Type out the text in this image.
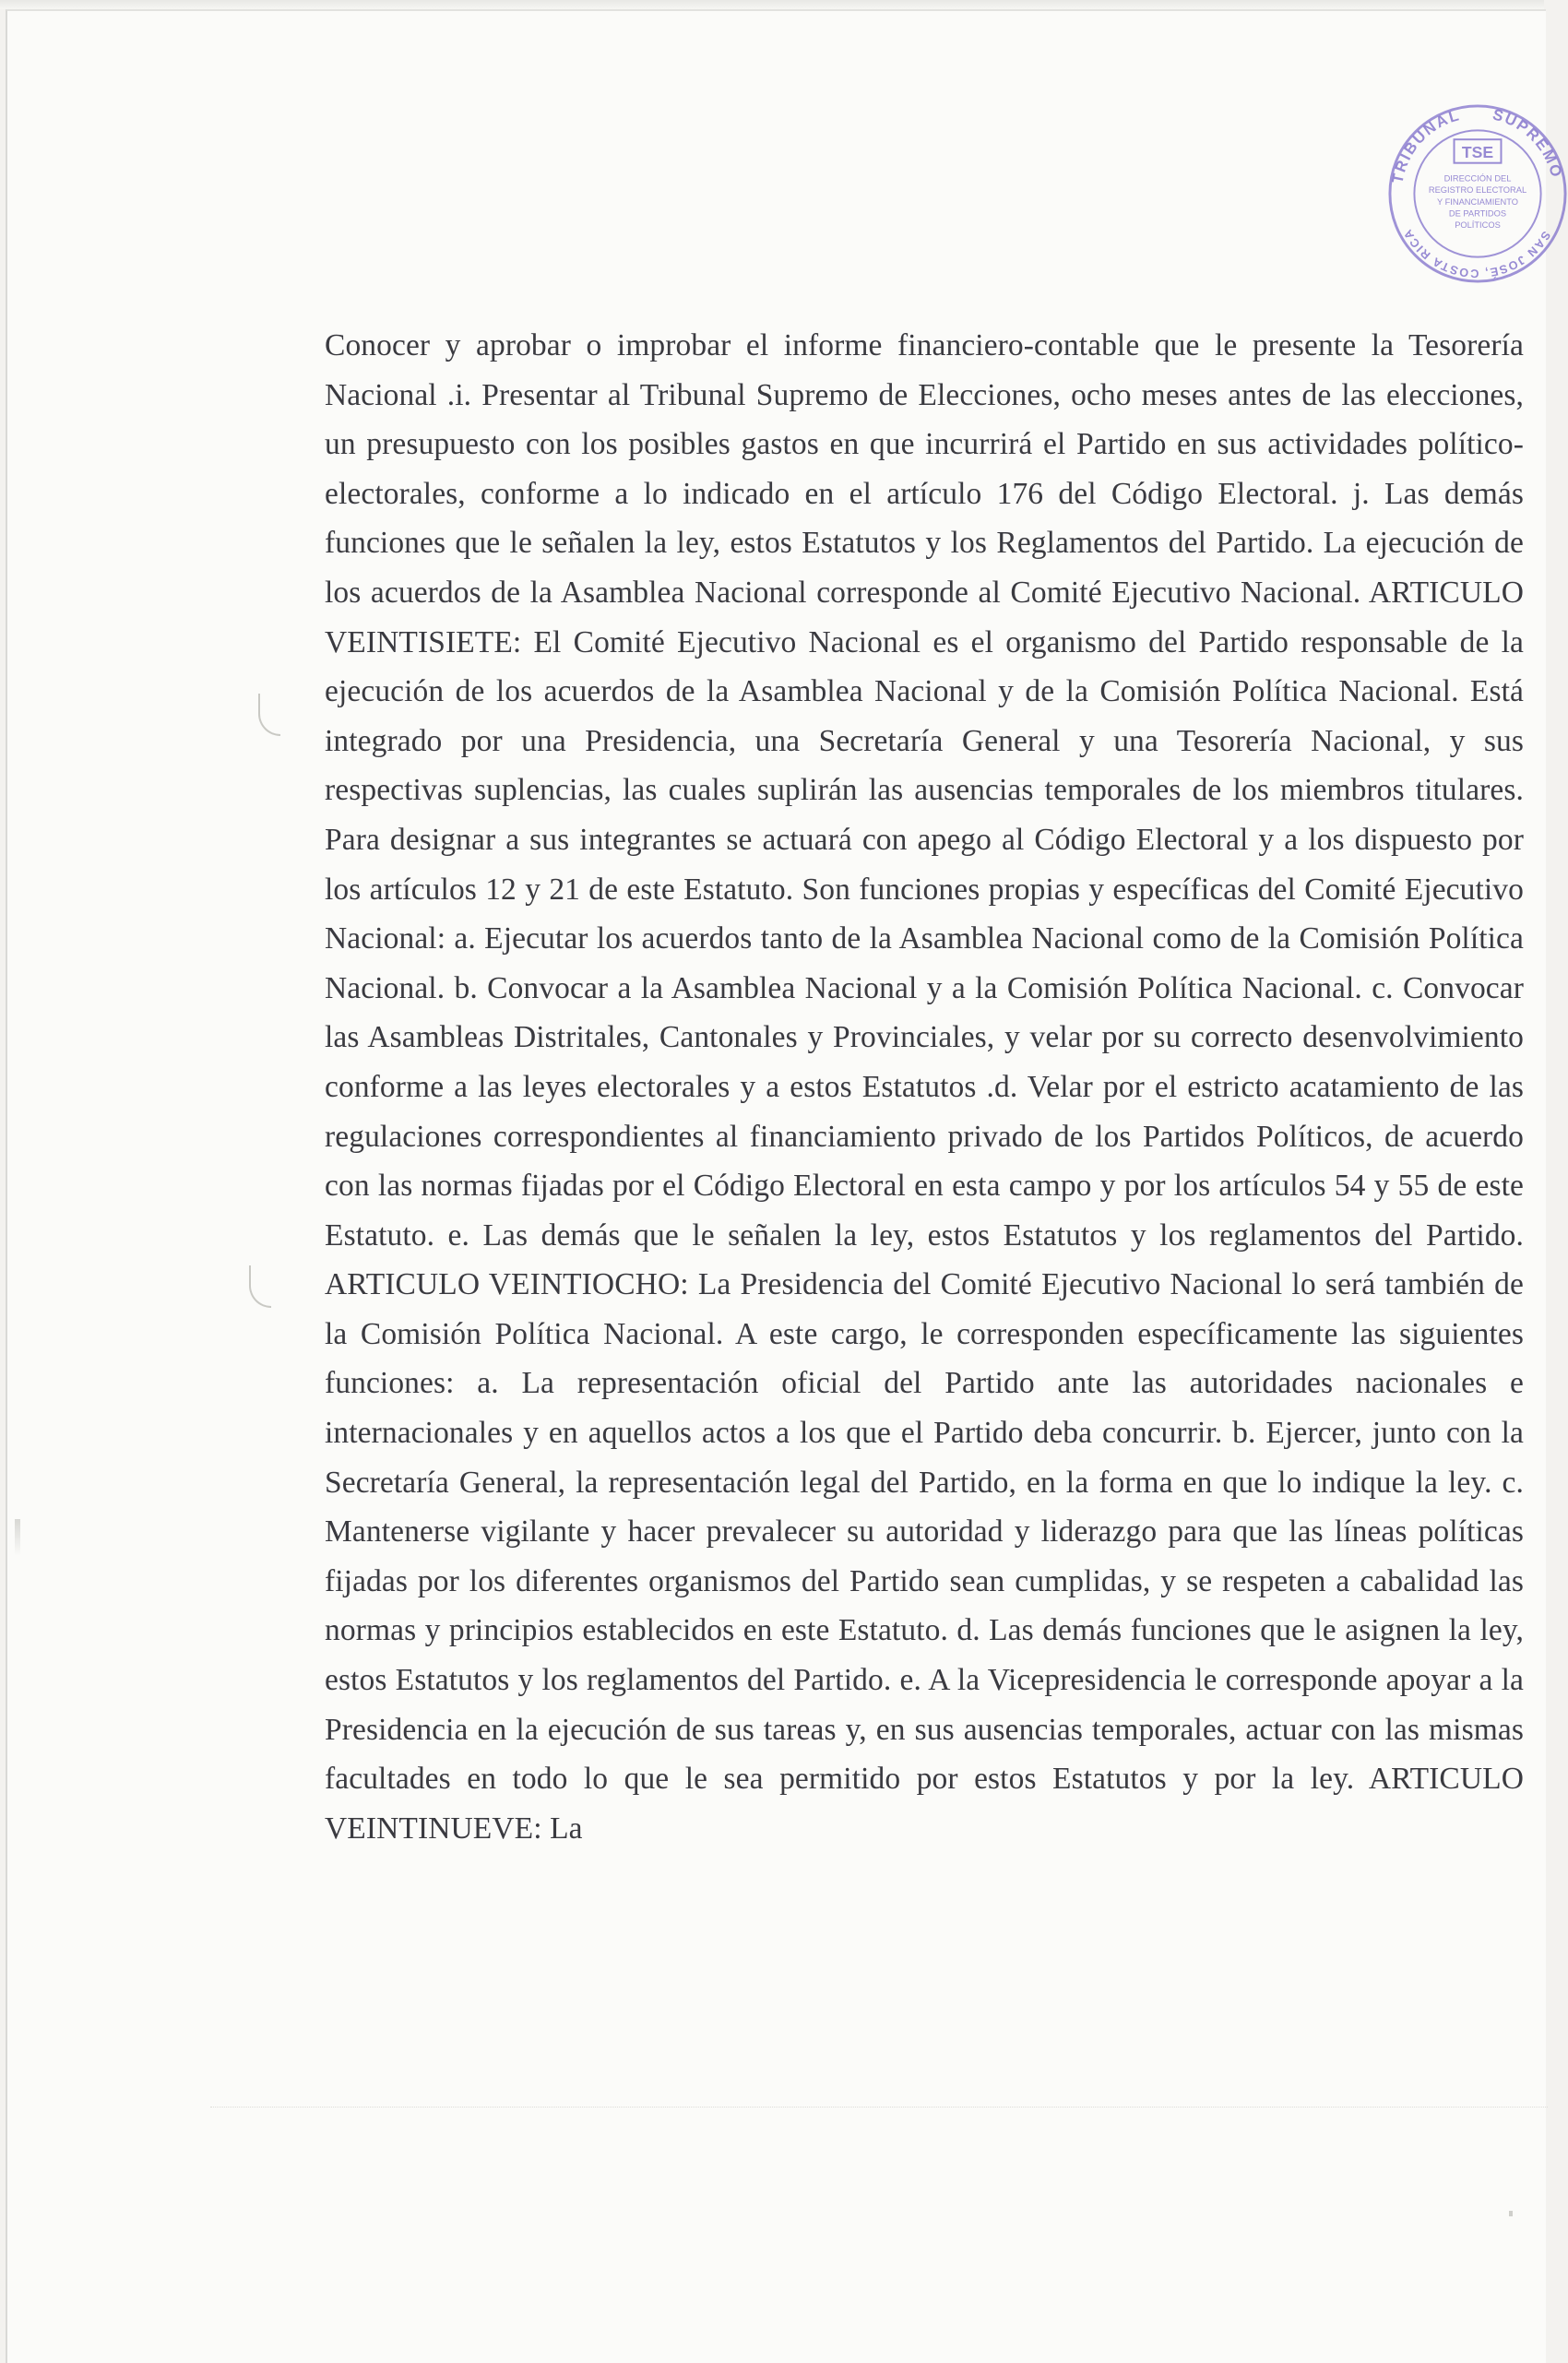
TRIBUNAL SUPREMO
SAN JOSÉ, COSTA RICA
TSE
DIRECCIÓN DEL
REGISTRO ELECTORAL
Y FINANCIAMIENTO
DE PARTIDOS
POLÍTICOS

Conocer y aprobar o improbar el informe financiero-contable que le presente la Tesorería Nacional .i. Presentar al Tribunal Supremo de Elecciones, ocho meses antes de las elecciones, un presupuesto con los posibles gastos en que incurrirá el Partido en sus actividades político-electorales, conforme a lo indicado en el artículo 176 del Código Electoral. j. Las demás funciones que le señalen la ley, estos Estatutos y los Reglamentos del Partido. La ejecución de los acuerdos de la Asamblea Nacional corresponde al Comité Ejecutivo Nacional. ARTICULO VEINTISIETE: El Comité Ejecutivo Nacional es el organismo del Partido responsable de la ejecución de los acuerdos de la Asamblea Nacional y de la Comisión Política Nacional. Está integrado por una Presidencia, una Secretaría General y una Tesorería Nacional, y sus respectivas suplencias, las cuales suplirán las ausencias temporales de los miembros titulares. Para designar a sus integrantes se actuará con apego al Código Electoral y a los dispuesto por los artículos 12 y 21 de este Estatuto. Son funciones propias y específicas del Comité Ejecutivo Nacional: a. Ejecutar los acuerdos tanto de la Asamblea Nacional como de la Comisión Política Nacional. b. Convocar a la Asamblea Nacional y a la Comisión Política Nacional. c. Convocar las Asambleas Distritales, Cantonales y Provinciales, y velar por su correcto desenvolvimiento conforme a las leyes electorales y a estos Estatutos .d. Velar por el estricto acatamiento de las regulaciones correspondientes al financiamiento privado de los Partidos Políticos, de acuerdo con las normas fijadas por el Código Electoral en esta campo y por los artículos 54 y 55 de este Estatuto. e. Las demás que le señalen la ley, estos Estatutos y los reglamentos del Partido. ARTICULO VEINTIOCHO: La Presidencia del Comité Ejecutivo Nacional lo será también de la Comisión Política Nacional. A este cargo, le corresponden específicamente las siguientes funciones: a. La representación oficial del Partido ante las autoridades nacionales e internacionales y en aquellos actos a los que el Partido deba concurrir. b. Ejercer, junto con la Secretaría General, la representación legal del Partido, en la forma en que lo indique la ley. c. Mantenerse vigilante y hacer prevalecer su autoridad y liderazgo para que las líneas políticas fijadas por los diferentes organismos del Partido sean cumplidas, y se respeten a cabalidad las normas y principios establecidos en este Estatuto. d. Las demás funciones que le asignen la ley, estos Estatutos y los reglamentos del Partido. e. A la Vicepresidencia le corresponde apoyar a la Presidencia en la ejecución de sus tareas y, en sus ausencias temporales, actuar con las mismas facultades en todo lo que le sea permitido por estos Estatutos y por la ley. ARTICULO VEINTINUEVE: La
